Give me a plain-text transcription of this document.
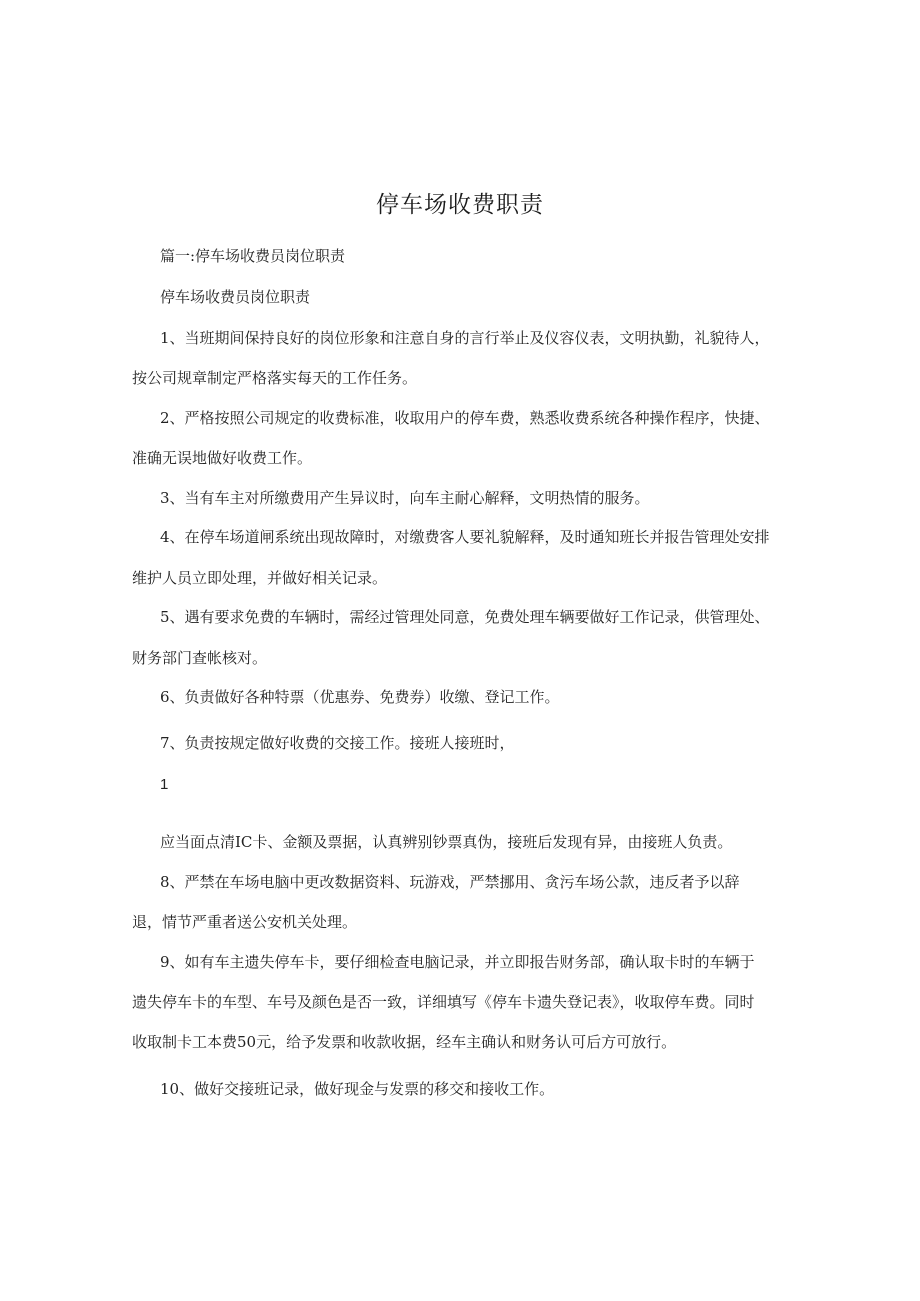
停车场收费职责
篇一:停车场收费员岗位职责
停车场收费员岗位职责
1、当班期间保持良好的岗位形象和注意自身的言行举止及仪容仪表，文明执勤，礼貌待人，
按公司规章制定严格落实每天的工作任务。
2、严格按照公司规定的收费标准，收取用户的停车费，熟悉收费系统各种操作程序，快捷、
准确无误地做好收费工作。
3、当有车主对所缴费用产生异议时，向车主耐心解释，文明热情的服务。
4、在停车场道闸系统出现故障时，对缴费客人要礼貌解释，及时通知班长并报告管理处安排
维护人员立即处理，并做好相关记录。
5、遇有要求免费的车辆时，需经过管理处同意，免费处理车辆要做好工作记录，供管理处、
财务部门查帐核对。
6、负责做好各种特票（优惠券、免费券）收缴、登记工作。
7、负责按规定做好收费的交接工作。接班人接班时，
1
应当面点清IC卡、金额及票据，认真辨别钞票真伪，接班后发现有异，由接班人负责。
8、严禁在车场电脑中更改数据资料、玩游戏，严禁挪用、贪污车场公款，违反者予以辞
退，情节严重者送公安机关处理。
9、如有车主遗失停车卡，要仔细检查电脑记录，并立即报告财务部，确认取卡时的车辆于
遗失停车卡的车型、车号及颜色是否一致，详细填写《停车卡遗失登记表》，收取停车费。同时
收取制卡工本费50元，给予发票和收款收据，经车主确认和财务认可后方可放行。
10、做好交接班记录，做好现金与发票的移交和接收工作。
